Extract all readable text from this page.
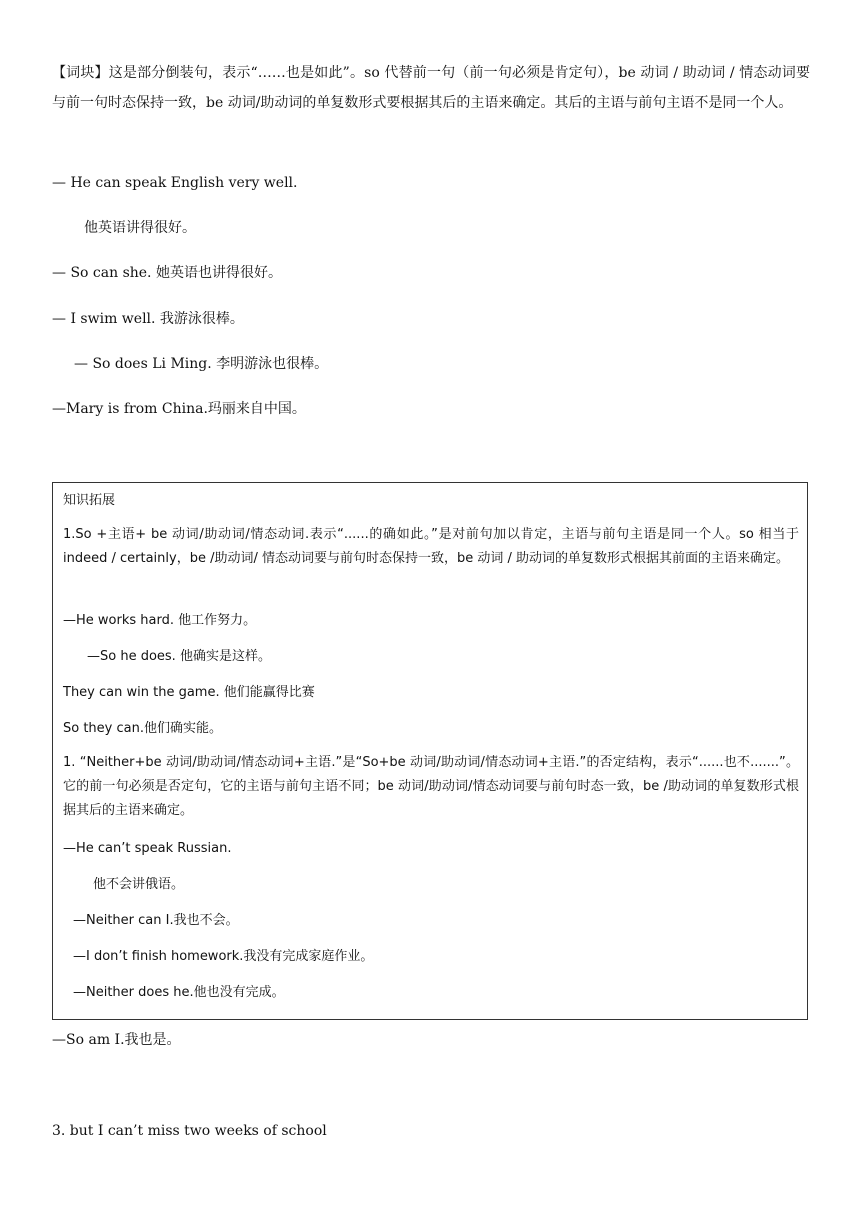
【词块】这是部分倒装句，表示“……也是如此”。so 代替前一句（前一句必须是肯定句），be 动词 / 助动词 / 情态动词要与前一句时态保持一致，be 动词/助动词的单复数形式要根据其后的主语来确定。其后的主语与前句主语不是同一个人。
— He can speak English very well.
他英语讲得很好。
— So can she. 她英语也讲得很好。
— I swim well. 我游泳很棒。
— So does Li Ming. 李明游泳也很棒。
—Mary is from China.玛丽来自中国。
知识拓展
1.So +主语+ be 动词/助动词/情态动词.表示“......的确如此。”是对前句加以肯定，主语与前句主语是同一个人。so 相当于 indeed / certainly，be /助动词/ 情态动词要与前句时态保持一致，be 动词 / 助动词的单复数形式根据其前面的主语来确定。
—He works hard. 他工作努力。
—So he does. 他确实是这样。
They can win the game. 他们能赢得比赛
So they can.他们确实能。
1. “Neither+be 动词/助动词/情态动词+主语.”是“So+be 动词/助动词/情态动词+主语.”的否定结构，表示“......也不.......”。它的前一句必须是否定句，它的主语与前句主语不同；be 动词/助动词/情态动词要与前句时态一致，be /助动词的单复数形式根据其后的主语来确定。
—He can’t speak Russian.
他不会讲俄语。
—Neither can I.我也不会。
—I don’t finish homework.我没有完成家庭作业。
—Neither does he.他也没有完成。
—So am I.我也是。
3. but I can’t miss two weeks of school
